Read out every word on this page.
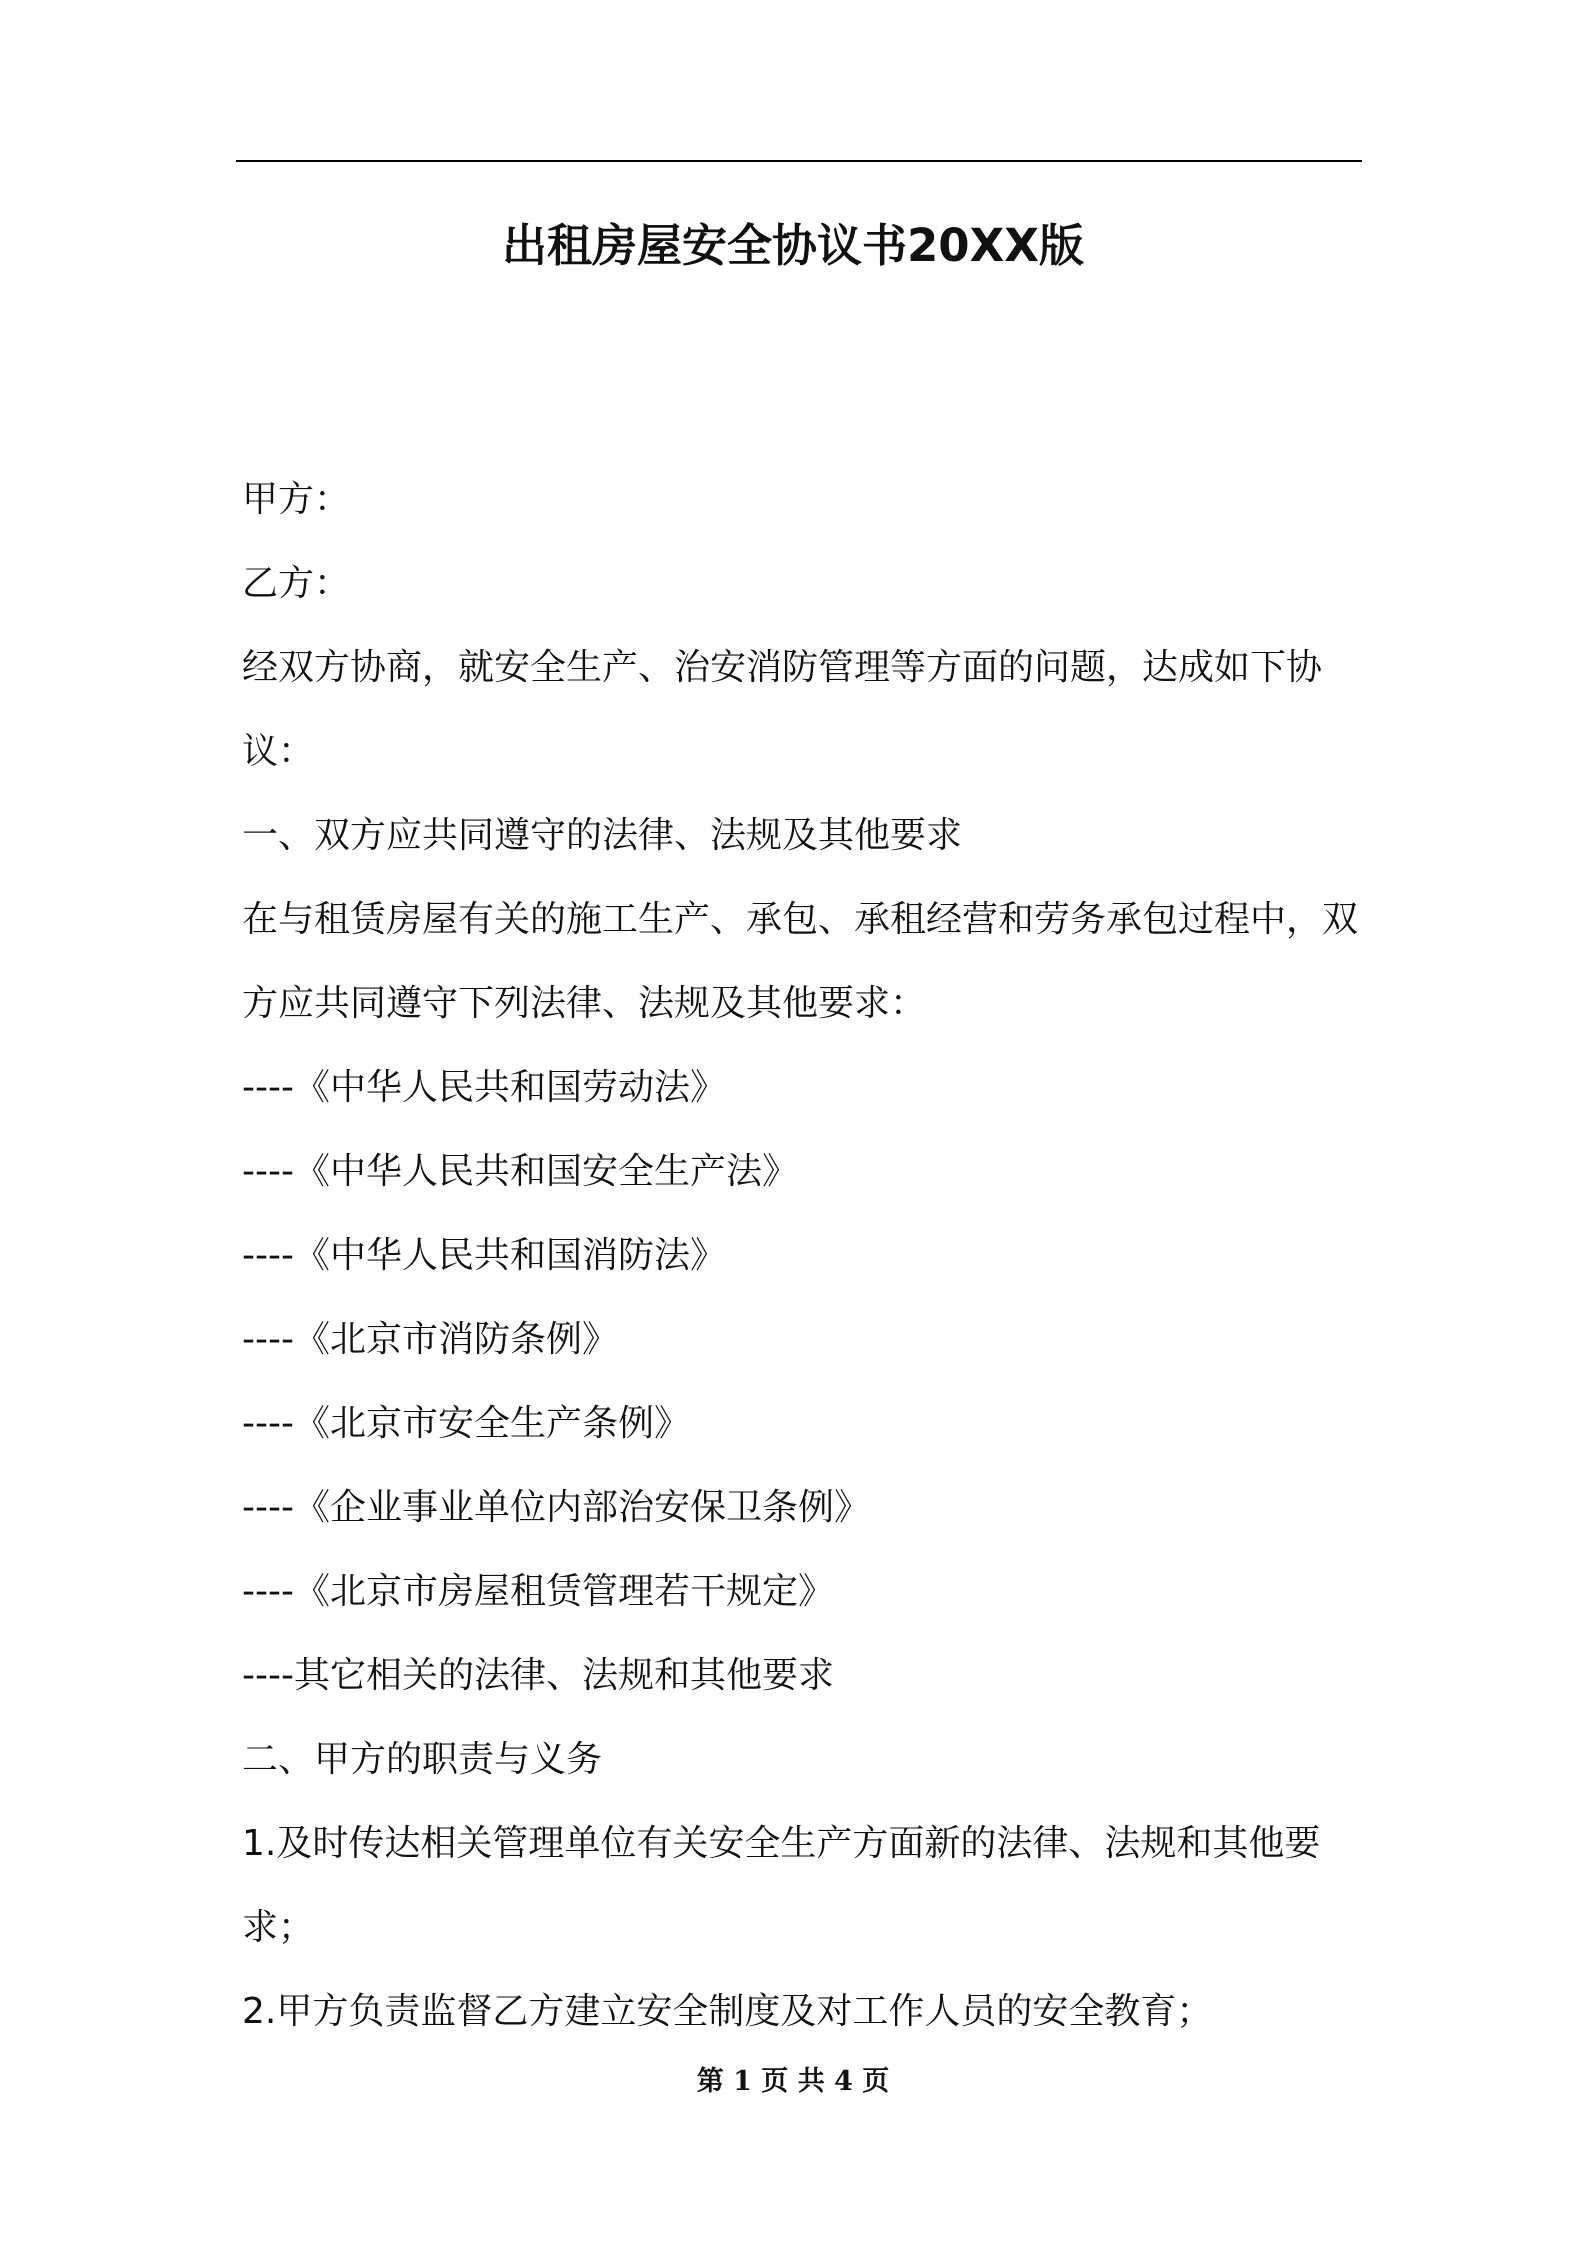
出租房屋安全协议书20XX版

甲方：

乙方：

经双方协商，就安全生产、治安消防管理等方面的问题，达成如下协议：

一、双方应共同遵守的法律、法规及其他要求

在与租赁房屋有关的施工生产、承包、承租经营和劳务承包过程中，双方应共同遵守下列法律、法规及其他要求：

----《中华人民共和国劳动法》

----《中华人民共和国安全生产法》

----《中华人民共和国消防法》

----《北京市消防条例》

----《北京市安全生产条例》

----《企业事业单位内部治安保卫条例》

----《北京市房屋租赁管理若干规定》

----其它相关的法律、法规和其他要求

二、甲方的职责与义务

1.及时传达相关管理单位有关安全生产方面新的法律、法规和其他要求；

2.甲方负责监督乙方建立安全制度及对工作人员的安全教育；

第 1 页 共 4 页
